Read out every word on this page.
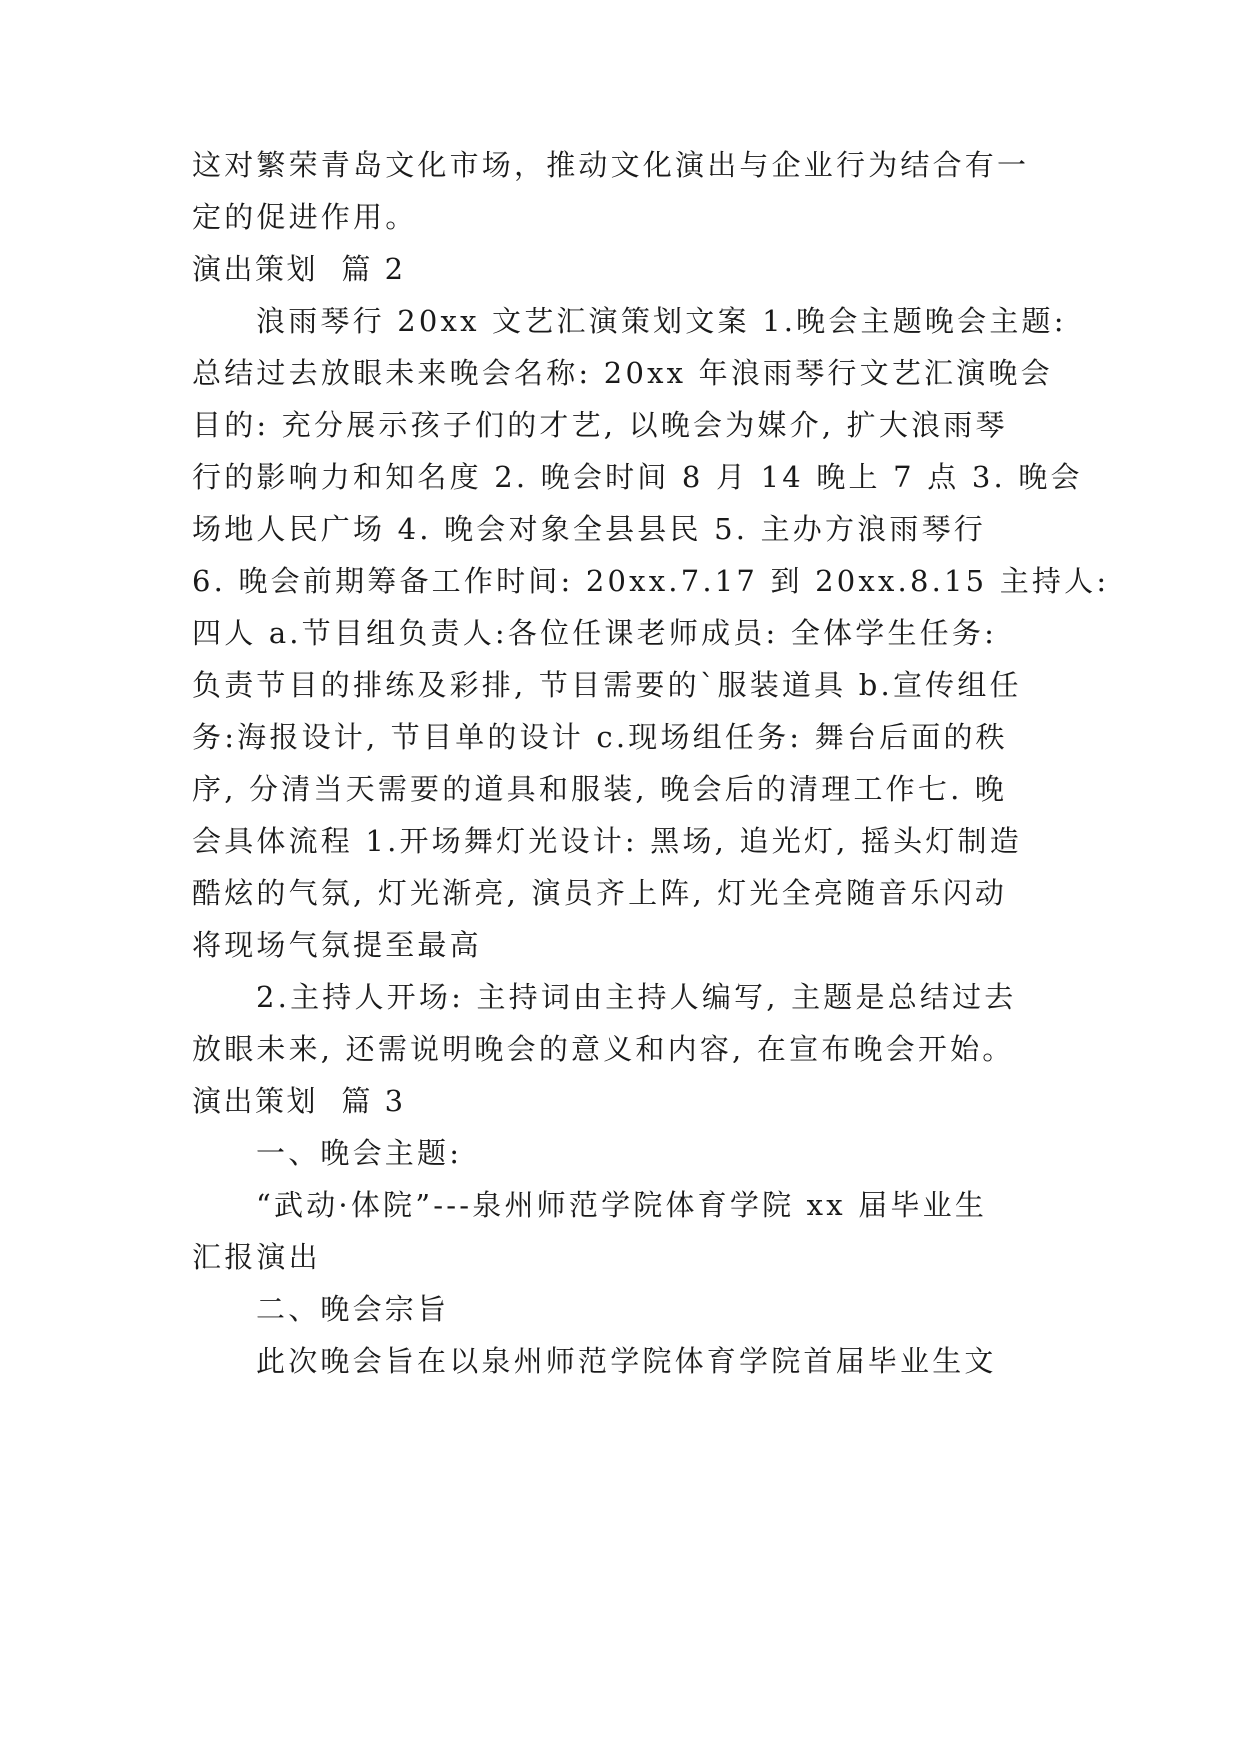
这对繁荣青岛文化市场，推动文化演出与企业行为结合有一
定的促进作用。
演出策划  篇 2
浪雨琴行 20xx 文艺汇演策划文案 1.晚会主题晚会主题:
总结过去放眼未来晚会名称: 20xx 年浪雨琴行文艺汇演晚会
目的: 充分展示孩子们的才艺, 以晚会为媒介, 扩大浪雨琴
行的影响力和知名度 2. 晚会时间 8 月 14 晚上 7 点 3. 晚会
场地人民广场 4. 晚会对象全县县民 5. 主办方浪雨琴行
6. 晚会前期筹备工作时间: 20xx.7.17 到 20xx.8.15 主持人:
四人 a.节目组负责人:各位任课老师成员: 全体学生任务:
负责节目的排练及彩排, 节目需要的`服装道具 b.宣传组任
务:海报设计, 节目单的设计 c.现场组任务: 舞台后面的秩
序, 分清当天需要的道具和服装, 晚会后的清理工作七. 晚
会具体流程 1.开场舞灯光设计: 黑场, 追光灯, 摇头灯制造
酷炫的气氛, 灯光渐亮, 演员齐上阵, 灯光全亮随音乐闪动
将现场气氛提至最高
2.主持人开场: 主持词由主持人编写, 主题是总结过去
放眼未来, 还需说明晚会的意义和内容, 在宣布晚会开始。
演出策划  篇 3
一、晚会主题:
“武动·体院”---泉州师范学院体育学院 xx 届毕业生
汇报演出
二、晚会宗旨
此次晚会旨在以泉州师范学院体育学院首届毕业生文
